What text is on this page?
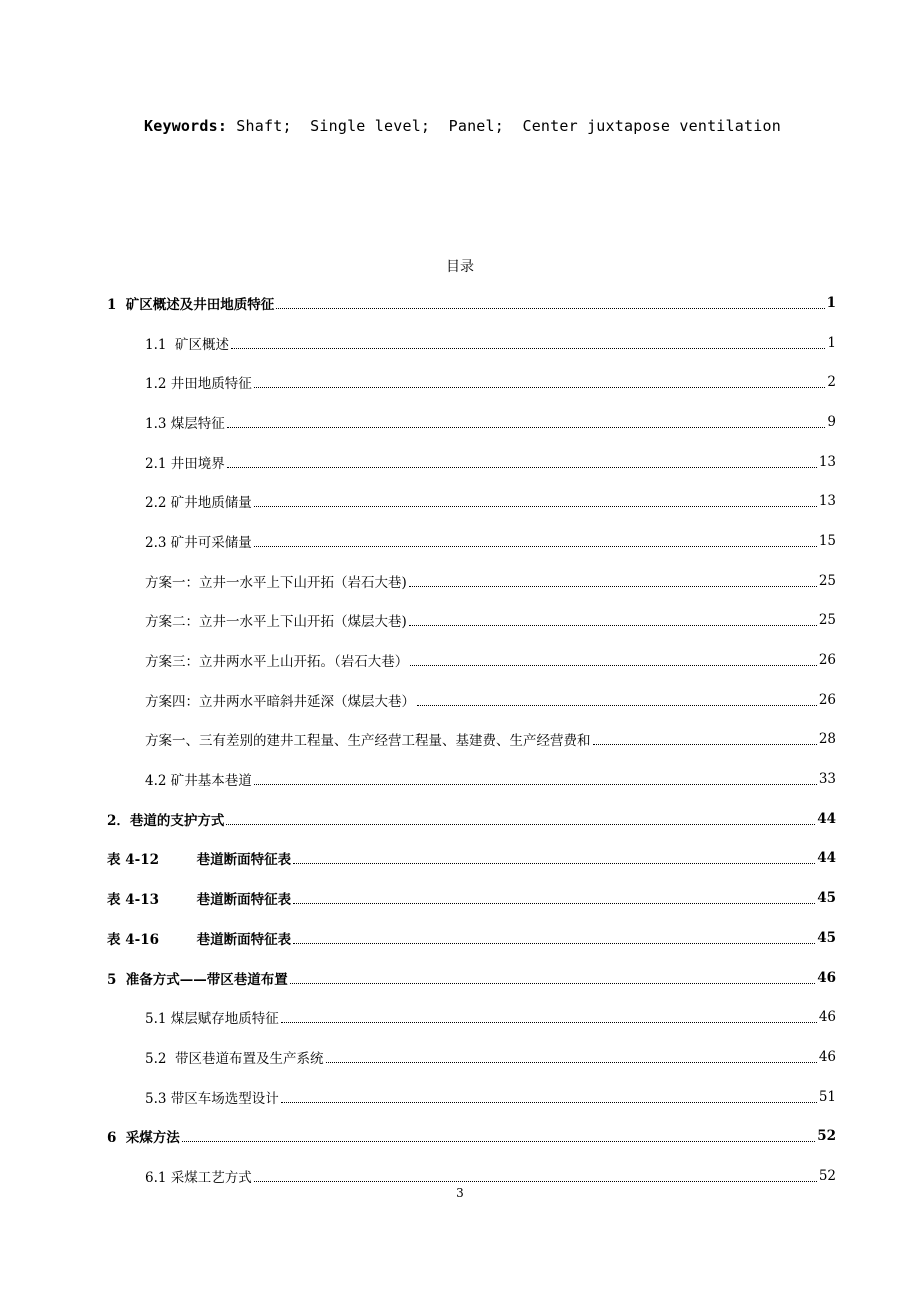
Keywords: Shaft;  Single level;  Panel;  Center juxtapose ventilation
目录
1  矿区概述及井田地质特征	1
1.1  矿区概述	1
1.2 井田地质特征	2
1.3 煤层特征	9
2.1 井田境界	13
2.2 矿井地质储量	13
2.3 矿井可采储量	15
方案一：立井一水平上下山开拓（岩石大巷)	25
方案二：立井一水平上下山开拓（煤层大巷)	25
方案三：立井两水平上山开拓。（岩石大巷）	26
方案四：立井两水平暗斜井延深（煤层大巷）	26
方案一、三有差别的建井工程量、生产经营工程量、基建费、生产经营费和	28
4.2 矿井基本巷道	33
2．巷道的支护方式	44
表 4-12        巷道断面特征表	44
表 4-13        巷道断面特征表	45
表 4-16        巷道断面特征表	45
5  准备方式——带区巷道布置	46
5.1 煤层赋存地质特征	46
5.2  带区巷道布置及生产系统	46
5.3 带区车场选型设计	51
6  采煤方法	52
6.1 采煤工艺方式	52
3
